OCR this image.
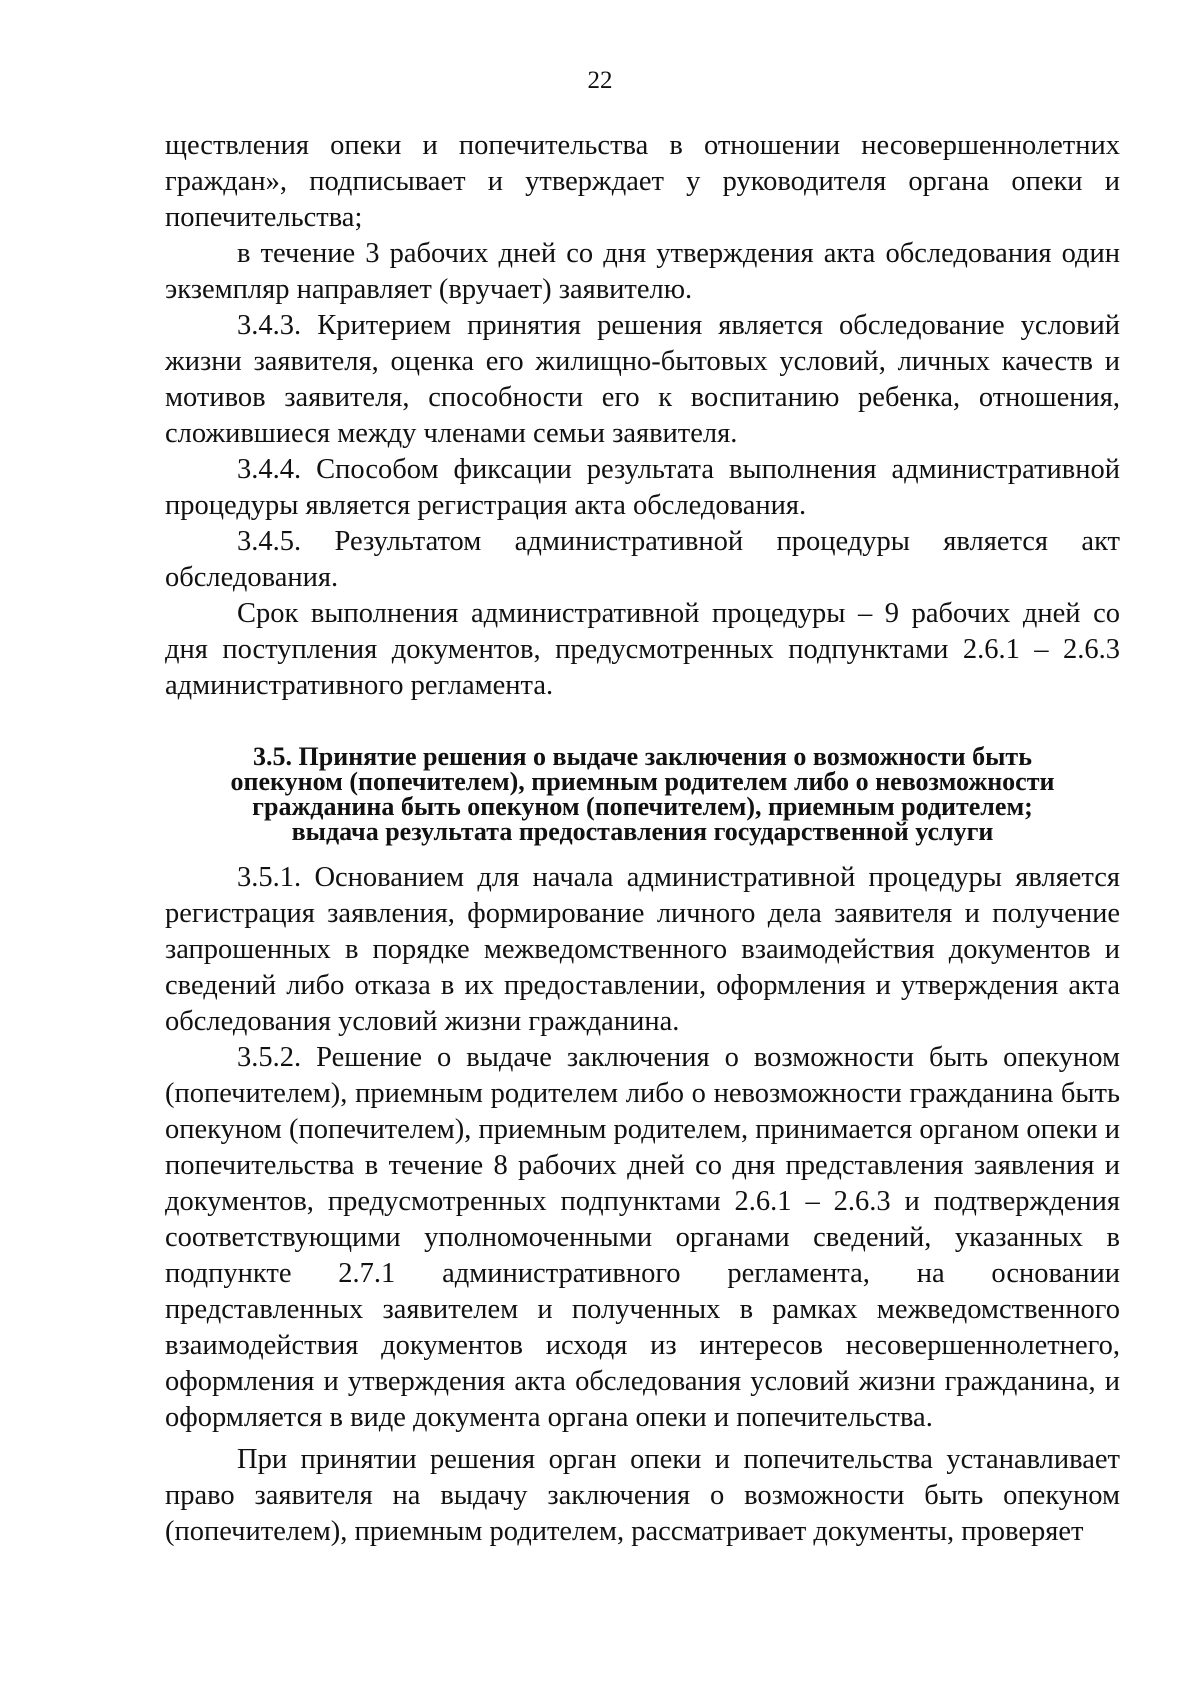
22

ществления опеки и попечительства в отношении несовершеннолетних граждан», подписывает и утверждает у руководителя органа опеки и попечительства;

в течение 3 рабочих дней со дня утверждения акта обследования один экземпляр направляет (вручает) заявителю.

3.4.3. Критерием принятия решения является обследование условий жизни заявителя, оценка его жилищно-бытовых условий, личных качеств и мотивов заявителя, способности его к воспитанию ребенка, отношения, сложившиеся между членами семьи заявителя.

3.4.4. Способом фиксации результата выполнения административной процедуры является регистрация акта обследования.

3.4.5. Результатом административной процедуры является акт обследования.

Срок выполнения административной процедуры – 9 рабочих дней со дня поступления документов, предусмотренных подпунктами 2.6.1 – 2.6.3 административного регламента.

3.5. Принятие решения о выдаче заключения о возможности быть
опекуном (попечителем), приемным родителем либо о невозможности
гражданина быть опекуном (попечителем), приемным родителем;
выдача результата предоставления государственной услуги

3.5.1. Основанием для начала административной процедуры является регистрация заявления, формирование личного дела заявителя и получение запрошенных в порядке межведомственного взаимодействия документов и сведений либо отказа в их предоставлении, оформления и утверждения акта обследования условий жизни гражданина.

3.5.2. Решение о выдаче заключения о возможности быть опекуном (попечителем), приемным родителем либо о невозможности гражданина быть опекуном (попечителем), приемным родителем, принимается органом опеки и попечительства в течение 8 рабочих дней со дня представления заявления и документов, предусмотренных подпунктами 2.6.1 – 2.6.3 и подтверждения соответствующими уполномоченными органами сведений, указанных в подпункте 2.7.1 административного регламента, на основании представленных заявителем и полученных в рамках межведомственного взаимодействия документов исходя из интересов несовершеннолетнего, оформления и утверждения акта обследования условий жизни гражданина, и оформляется в виде документа органа опеки и попечительства.

При принятии решения орган опеки и попечительства устанавливает право заявителя на выдачу заключения о возможности быть опекуном (попечителем), приемным родителем, рассматривает документы, проверяет
